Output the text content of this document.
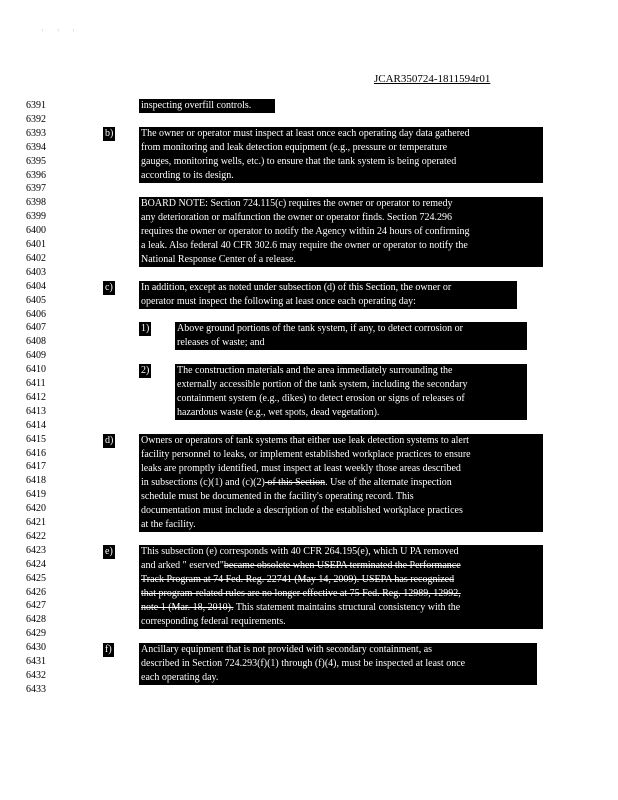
' ' '
JCAR350724-1811594r01
6391
6392
6393
6394
6395
6396
6397
6398
6399
6400
6401
6402
6403
6404
6405
6406
6407
6408
6409
6410
6411
6412
6413
6414
6415
6416
6417
6418
6419
6420
6421
6422
6423
6424
6425
6426
6427
6428
6429
6430
6431
6432
6433
inspecting overfill controls.
b)	The owner or operator must inspect at least once each operating day data gathered
from monitoring and leak detection equipment (e.g., pressure or temperature
gauges, monitoring wells, etc.) to ensure that the tank system is being operated
according to its design.
BOARD NOTE: Section 724.115(c) requires the owner or operator to remedy
any deterioration or malfunction the owner or operator finds. Section 724.296
requires the owner or operator to notify the Agency within 24 hours of confirming
a leak. Also federal 40 CFR 302.6 may require the owner or operator to notify the
National Response Center of a release.
c)	In addition, except as noted under subsection (d) of this Section, the owner or
operator must inspect the following at least once each operating day:
1)	Above ground portions of the tank system, if any, to detect corrosion or
releases of waste; and
2)	The construction materials and the area immediately surrounding the
externally accessible portion of the tank system, including the secondary
containment system (e.g., dikes) to detect erosion or signs of releases of
hazardous waste (e.g., wet spots, dead vegetation).
d)	Owners or operators of tank systems that either use leak detection systems to alert
facility personnel to leaks, or implement established workplace practices to ensure
leaks are promptly identified, must inspect at least weekly those areas described
in subsections (c)(1) and (c)(2) of this Section. Use of the alternate inspection
schedule must be documented in the facility's operating record. This
documentation must include a description of the established workplace practices
at the facility.
e)	This subsection (e) corresponds with 40 CFR 264.195(e), which U PA removed
and arked " eserved"became obsolete when USEPA terminated the Performance
Track Program at 74 Fed. Reg. 22741 (May 14, 2009). USEPA has recognized
that program-related rules are no longer effective at 75 Fed. Reg. 12989, 12992,
note 1 (Mar. 18, 2010). This statement maintains structural consistency with the
corresponding federal requirements.
f)	Ancillary equipment that is not provided with secondary containment, as
described in Section 724.293(f)(1) through (f)(4), must be inspected at least once
each operating day.
